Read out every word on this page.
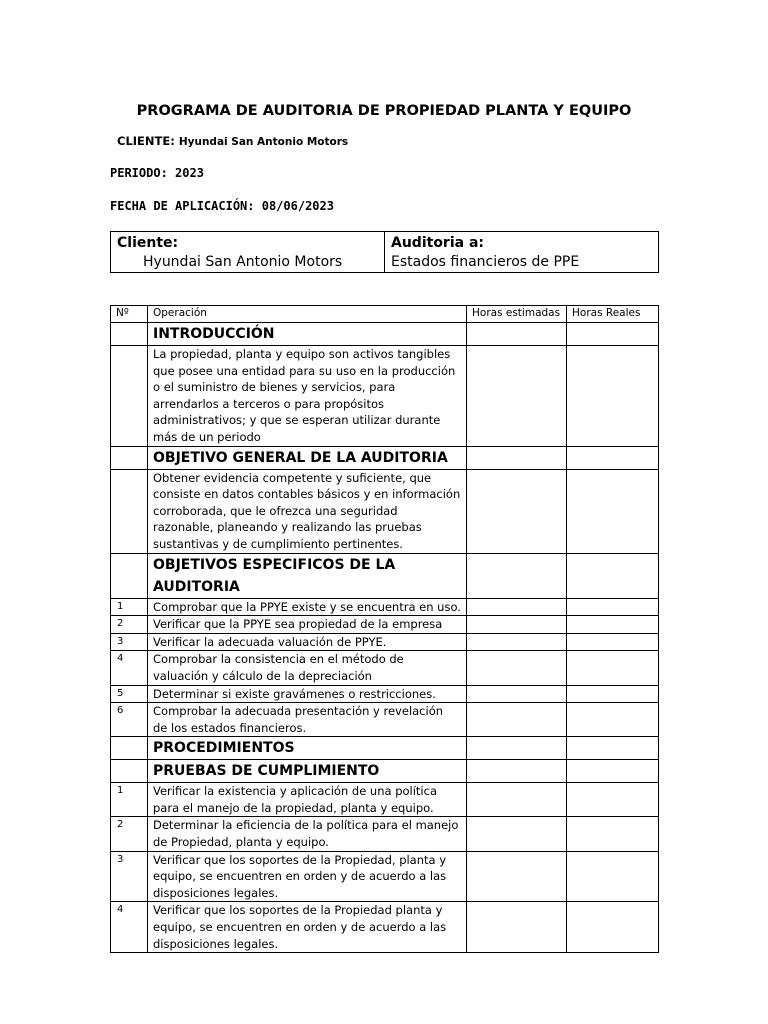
PROGRAMA DE AUDITORIA DE PROPIEDAD PLANTA Y EQUIPO
CLIENTE: Hyundai San Antonio Motors
PERIODO: 2023
FECHA DE APLICACIÓN: 08/06/2023
Cliente:
Hyundai San Antonio Motors

Auditoria a:
Estados financieros de PPE
Nº	Operación	Horas estimadas	Horas Reales
	INTRODUCCIÓN		
	La propiedad, planta y equipo son activos tangibles que posee una entidad para su uso en la producción o el suministro de bienes y servicios, para arrendarlos a terceros o para propósitos administrativos; y que se esperan utilizar durante más de un periodo		
	OBJETIVO GENERAL DE LA AUDITORIA		
	Obtener evidencia competente y suficiente, que consiste en datos contables básicos y en información corroborada, que le ofrezca una seguridad razonable, planeando y realizando las pruebas sustantivas y de cumplimiento pertinentes.		
	OBJETIVOS ESPECIFICOS DE LA AUDITORIA		
1	Comprobar que la PPYE existe y se encuentra en uso.		
2	Verificar que la PPYE sea propiedad de la empresa		
3	Verificar la adecuada valuación de PPYE.		
4	Comprobar la consistencia en el método de valuación y cálculo de la depreciación		
5	Determinar si existe gravámenes o restricciones.		
6	Comprobar la adecuada presentación y revelación de los estados financieros.		
	PROCEDIMIENTOS		
	PRUEBAS DE CUMPLIMIENTO		
1	Verificar la existencia y aplicación de una política para el manejo de la propiedad, planta y equipo.		
2	Determinar la eficiencia de la política para el manejo de Propiedad, planta y equipo.		
3	Verificar que los soportes de la Propiedad, planta y equipo, se encuentren en orden y de acuerdo a las disposiciones legales.		
4	Verificar que los soportes de la Propiedad planta y equipo, se encuentren en orden y de acuerdo a las disposiciones legales.		
